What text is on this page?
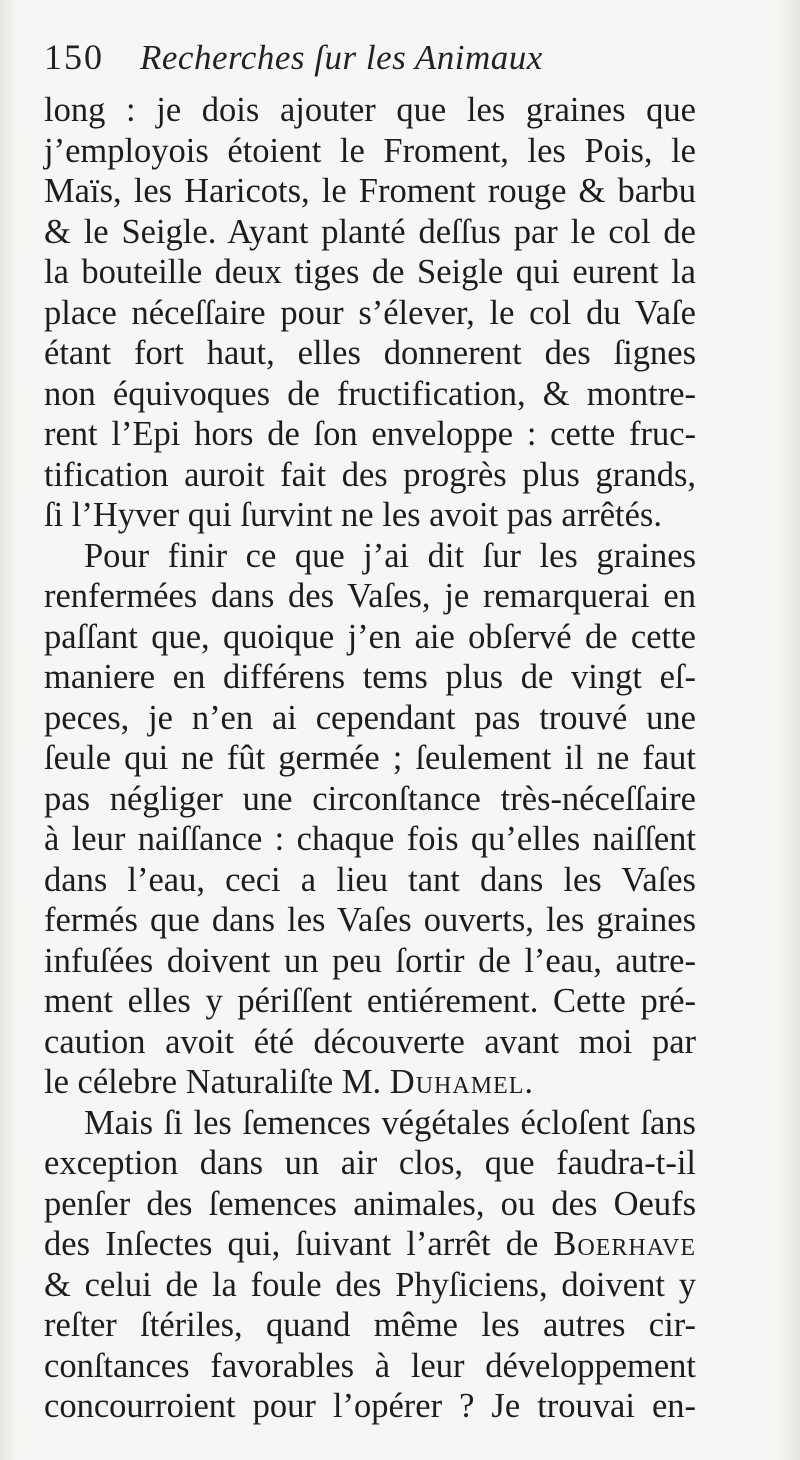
150 Recherches ſur les Animaux
long : je dois ajouter que les graines que
j’employois étoient le Froment, les Pois, le
Maïs, les Haricots, le Froment rouge & barbu
& le Seigle. Ayant planté deſſus par le col de
la bouteille deux tiges de Seigle qui eurent la
place néceſſaire pour s’élever, le col du Vaſe
étant fort haut, elles donnerent des ſignes
non équivoques de fructification, & montre-
rent l’Epi hors de ſon enveloppe : cette fruc-
tification auroit fait des progrès plus grands,
ſi l’Hyver qui ſurvint ne les avoit pas arrêtés.
Pour finir ce que j’ai dit ſur les graines
renfermées dans des Vaſes, je remarquerai en
paſſant que, quoique j’en aie obſervé de cette
maniere en différens tems plus de vingt eſ-
peces, je n’en ai cependant pas trouvé une
ſeule qui ne fût germée ; ſeulement il ne faut
pas négliger une circonſtance très-néceſſaire
à leur naiſſance : chaque fois qu’elles naiſſent
dans l’eau, ceci a lieu tant dans les Vaſes
fermés que dans les Vaſes ouverts, les graines
infuſées doivent un peu ſortir de l’eau, autre-
ment elles y périſſent entiérement. Cette pré-
caution avoit été découverte avant moi par
le célebre Naturaliſte M. Duhamel.
Mais ſi les ſemences végétales écloſent ſans
exception dans un air clos, que faudra-t-il
penſer des ſemences animales, ou des Oeufs
des Inſectes qui, ſuivant l’arrêt de Boerhave
& celui de la foule des Phyſiciens, doivent y
reſter ſtériles, quand même les autres cir-
conſtances favorables à leur développement
concourroient pour l’opérer ? Je trouvai en-
